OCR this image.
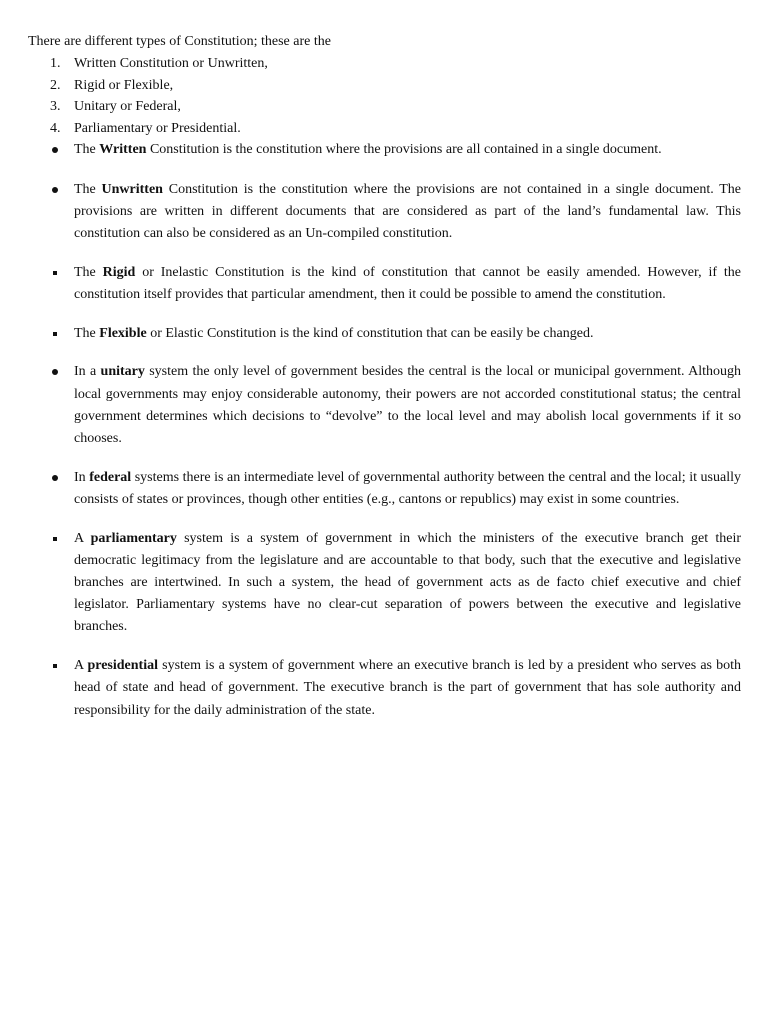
There are different types of Constitution; these are the

1. Written Constitution or Unwritten,
2. Rigid or Flexible,
3. Unitary or Federal,
4. Parliamentary or Presidential.
The Written Constitution is the constitution where the provisions are all contained in a single document.
The Unwritten Constitution is the constitution where the provisions are not contained in a single document. The provisions are written in different documents that are considered as part of the land’s fundamental law. This constitution can also be considered as an Un-compiled constitution.
The Rigid or Inelastic Constitution is the kind of constitution that cannot be easily amended. However, if the constitution itself provides that particular amendment, then it could be possible to amend the constitution.
The Flexible or Elastic Constitution is the kind of constitution that can be easily be changed.
In a unitary system the only level of government besides the central is the local or municipal government. Although local governments may enjoy considerable autonomy, their powers are not accorded constitutional status; the central government determines which decisions to “devolve” to the local level and may abolish local governments if it so chooses.
In federal systems there is an intermediate level of governmental authority between the central and the local; it usually consists of states or provinces, though other entities (e.g., cantons or republics) may exist in some countries.
A parliamentary system is a system of government in which the ministers of the executive branch get their democratic legitimacy from the legislature and are accountable to that body, such that the executive and legislative branches are intertwined. In such a system, the head of government acts as de facto chief executive and chief legislator. Parliamentary systems have no clear-cut separation of powers between the executive and legislative branches.
A presidential system is a system of government where an executive branch is led by a president who serves as both head of state and head of government. The executive branch is the part of government that has sole authority and responsibility for the daily administration of the state.
